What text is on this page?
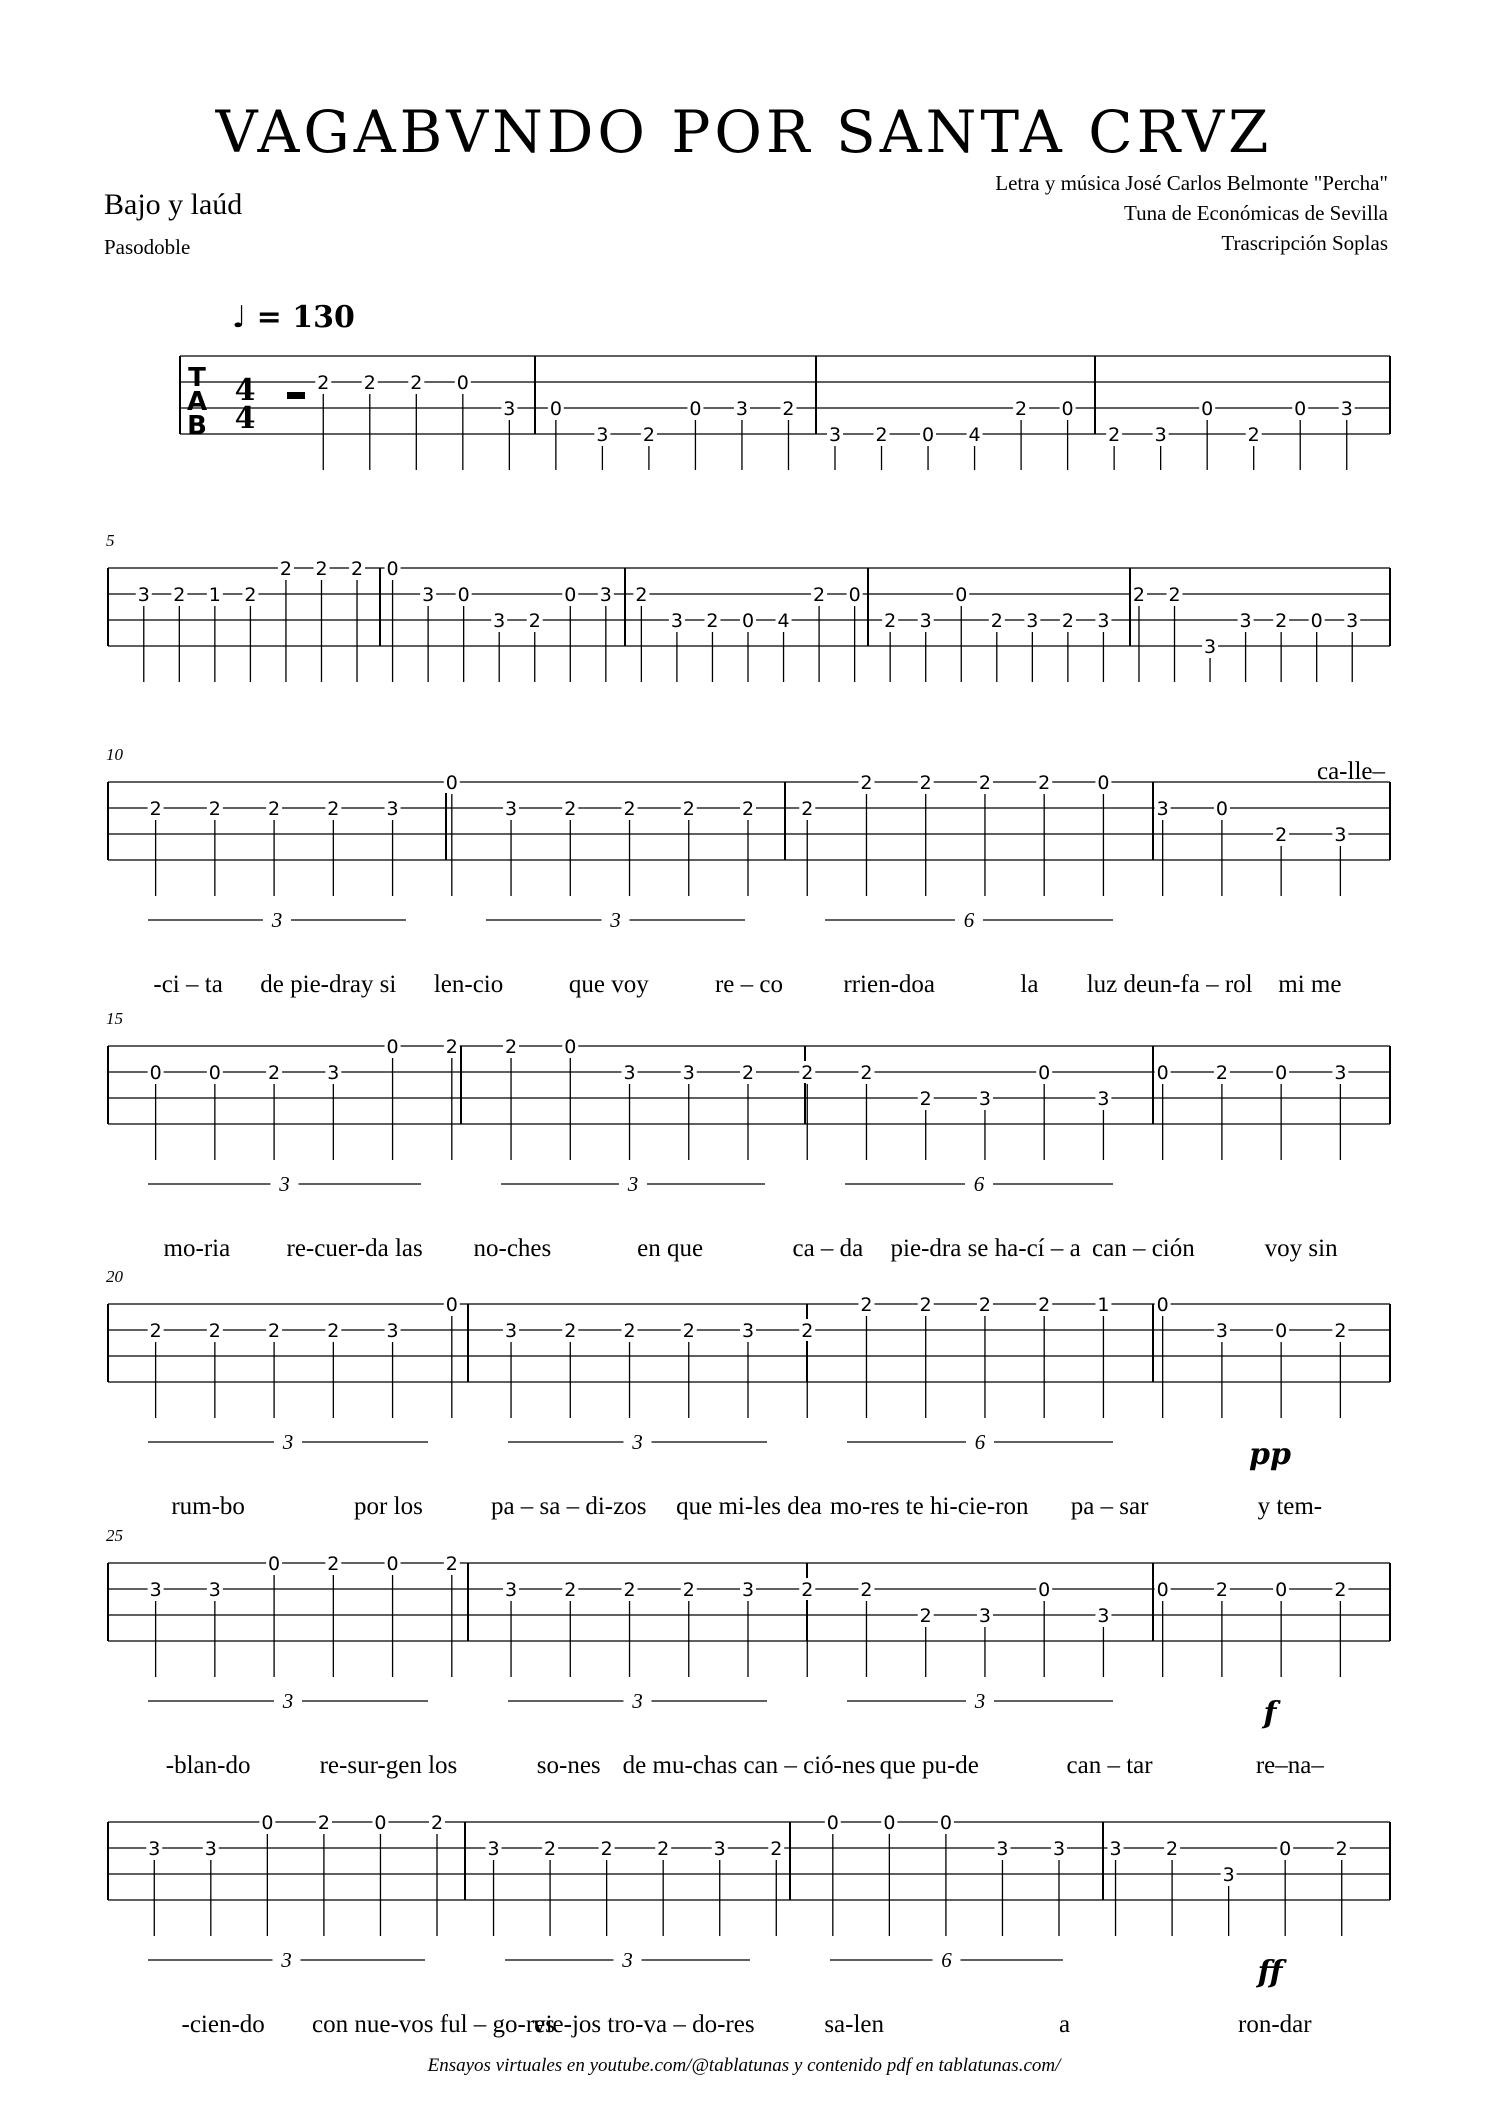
VAGABVNDO POR SANTA CRVZ
Letra y música José Carlos Belmonte "Percha"
Tuna de Económicas de Sevilla
Trascripción Soplas
Bajo y laúd
Pasodoble
♩ = 130
T
A
B
4
4
2 2 2 0
3 0
3 2
0 3 2
3 2 0 4
2 0
2 3
0
2
0 3
5
3 2 1 2
2 2 2 0
3 0
3 2
0 3 2
3 2 0 4
2 0
2 3
0
2 3 2 3
2 2
3
3 2 0 3
ca-lle–
10
2 2 2 2 3
0
3 2 2 2 2 2
2 2 2 2 0
3 0
2 3
3	3	6
-ci – ta de pie-dray si len-cio	que voy	re – co rrien-doa	la luz deun-fa – rol mi me
15
0 0 2 3
0 2 2 0
3 3 2 2 2
2 3
0
3
0 2 0 3
3	3	6
mo-ria re-cuer-da las no-ches	en que	ca – da pie-dra se ha-cí – a can – ción	voy sin
20
2 2 2 2 3
0
3 2 2 2 3 2
2 2 2 2 1 0
3 0 2
3	3	6	pp
rum-bo	por los	pa – sa – di-zos que mi-les dea mo-res te hi-cie-ron pa – sar	y tem-
25
3 3
0 2 0 2
3 2 2 2 3 2 2
2 3
0
3
0 2 0 2
3	3	3	f
-blan-do	re-sur-gen los	so-nes de mu-chas can – ció-nes que pu-de	can – tar	re–na–
3 3
0 2 0 2
3 2 2 2 3 2
0 0 0
3 3 3 2
3
0 2
3	3	6	ff
-cien-do con nue-vos ful – go-res
vie-jos tro-va – do-res	sa-len	a	ron-dar
Ensayos virtuales en youtube.com/@tablatunas y contenido pdf en tablatunas.com/
